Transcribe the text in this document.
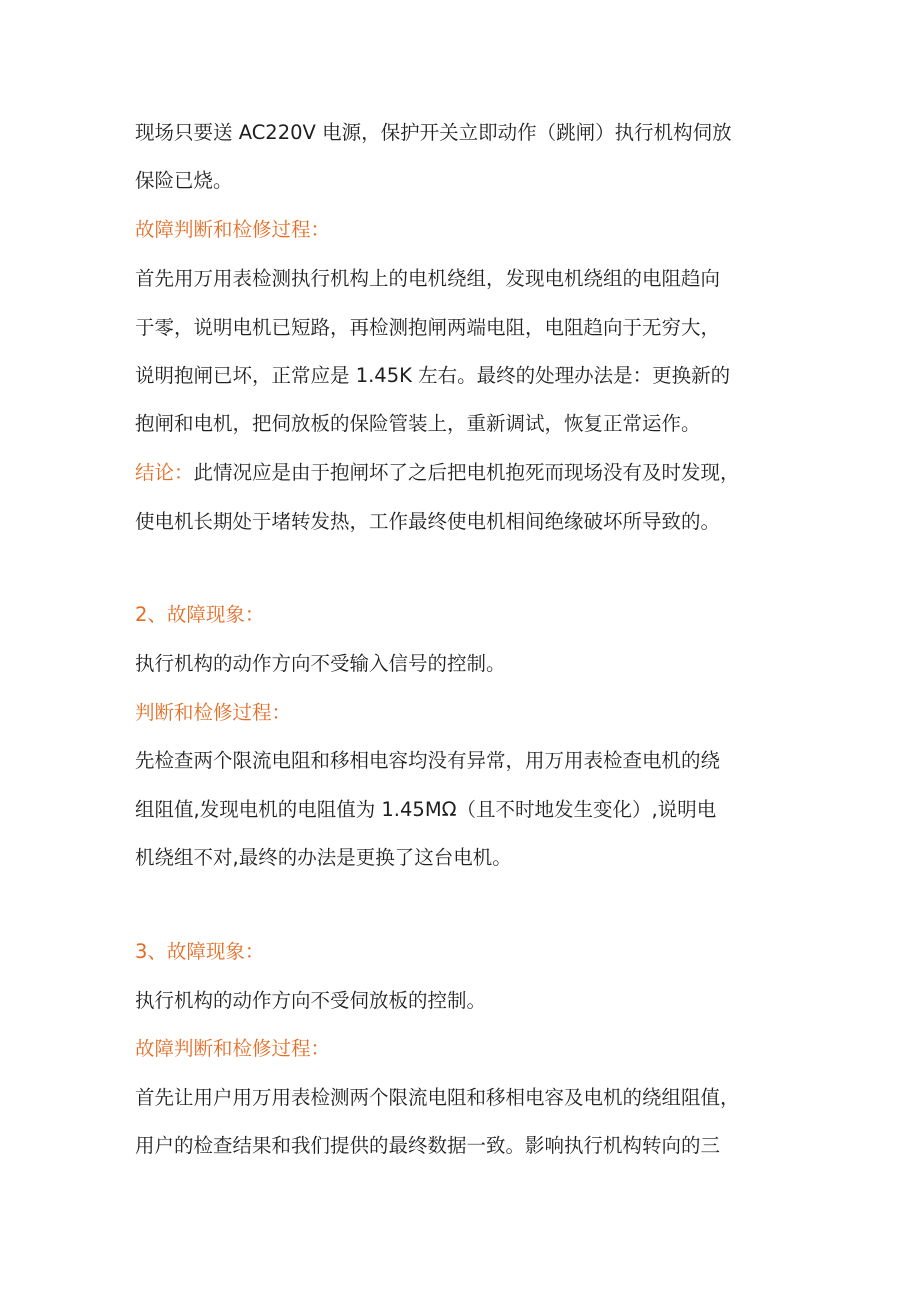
现场只要送 AC220V 电源，保护开关立即动作（跳闸）执行机构伺放
保险已烧。
故障判断和检修过程：
首先用万用表检测执行机构上的电机绕组，发现电机绕组的电阻趋向
于零，说明电机已短路，再检测抱闸两端电阻，电阻趋向于无穷大，
说明抱闸已坏，正常应是 1.45K 左右。最终的处理办法是：更换新的
抱闸和电机，把伺放板的保险管装上，重新调试，恢复正常运作。
结论：此情况应是由于抱闸坏了之后把电机抱死而现场没有及时发现，
使电机长期处于堵转发热，工作最终使电机相间绝缘破坏所导致的。
2、故障现象：
执行机构的动作方向不受输入信号的控制。
判断和检修过程：
先检查两个限流电阻和移相电容均没有异常，用万用表检查电机的绕
组阻值,发现电机的电阻值为 1.45MΩ（且不时地发生变化）,说明电
机绕组不对,最终的办法是更换了这台电机。
3、故障现象：
执行机构的动作方向不受伺放板的控制。
故障判断和检修过程：
首先让用户用万用表检测两个限流电阻和移相电容及电机的绕组阻值，
用户的检查结果和我们提供的最终数据一致。影响执行机构转向的三
